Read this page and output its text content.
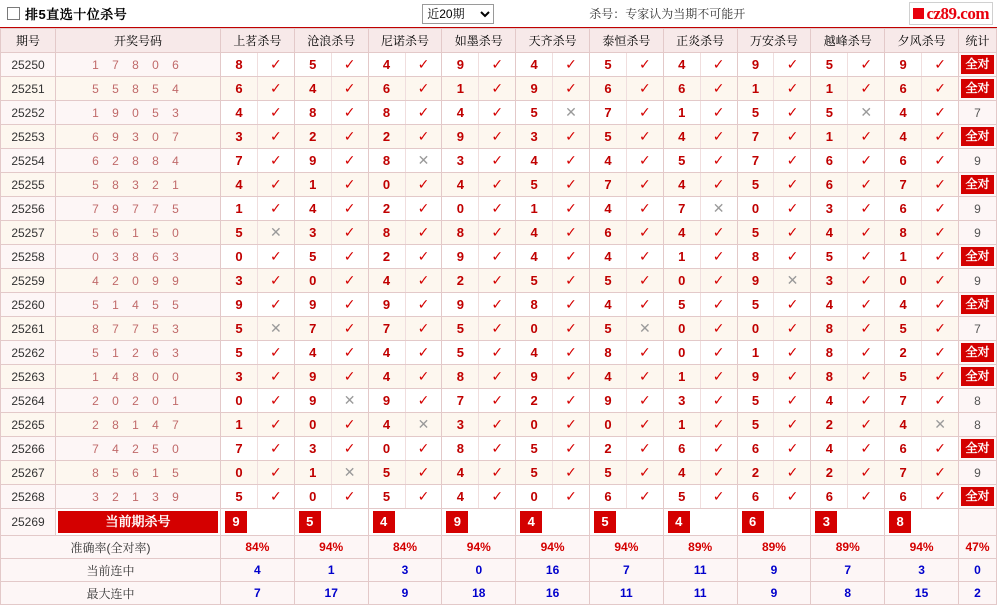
排5直选十位杀号
近20期	杀号：专家认为当期不可能开	cz89.com
期号	开奖号码	上茗杀号	沧浪杀号	尼诺杀号	如墨杀号	天齐杀号	泰恒杀号	正炎杀号	万安杀号	越峰杀号	夕风杀号	统计
25250	1 7 8 0 6	8	✓	5	✓	4	✓	9	✓	4	✓	5	✓	4	✓	9	✓	5	✓	9	✓	全对

25251	5 5 8 5 4	6	✓	4	✓	6	✓	1	✓	9	✓	6	✓	6	✓	1	✓	1	✓	6	✓	全对

25252	1 9 0 5 3	4	✓	8	✓	8	✓	4	✓	5	✕	7	✓	1	✓	5	✓	5	✕	4	✓	7
25253	6 9 3 0 7	3	✓	2	✓	2	✓	9	✓	3	✓	5	✓	4	✓	7	✓	1	✓	4	✓	全对

25254	6 2 8 8 4	7	✓	9	✓	8	✕	3	✓	4	✓	4	✓	5	✓	7	✓	6	✓	6	✓	9
25255	5 8 3 2 1	4	✓	1	✓	0	✓	4	✓	5	✓	7	✓	4	✓	5	✓	6	✓	7	✓	全对

25256	7 9 7 7 5	1	✓	4	✓	2	✓	0	✓	1	✓	4	✓	7	✕	0	✓	3	✓	6	✓	9
25257	5 6 1 5 0	5	✕	3	✓	8	✓	8	✓	4	✓	6	✓	4	✓	5	✓	4	✓	8	✓	9
25258	0 3 8 6 3	0	✓	5	✓	2	✓	9	✓	4	✓	4	✓	1	✓	8	✓	5	✓	1	✓	全对

25259	4 2 0 9 9	3	✓	0	✓	4	✓	2	✓	5	✓	5	✓	0	✓	9	✕	3	✓	0	✓	9
25260	5 1 4 5 5	9	✓	9	✓	9	✓	9	✓	8	✓	4	✓	5	✓	5	✓	4	✓	4	✓	全对

25261	8 7 7 5 3	5	✕	7	✓	7	✓	5	✓	0	✓	5	✕	0	✓	0	✓	8	✓	5	✓	7
25262	5 1 2 6 3	5	✓	4	✓	4	✓	5	✓	4	✓	8	✓	0	✓	1	✓	8	✓	2	✓	全对

25263	1 4 8 0 0	3	✓	9	✓	4	✓	8	✓	9	✓	4	✓	1	✓	9	✓	8	✓	5	✓	全对

25264	2 0 2 0 1	0	✓	9	✕	9	✓	7	✓	2	✓	9	✓	3	✓	5	✓	4	✓	7	✓	8
25265	2 8 1 4 7	1	✓	0	✓	4	✕	3	✓	0	✓	0	✓	1	✓	5	✓	2	✓	4	✕	8
25266	7 4 2 5 0	7	✓	3	✓	0	✓	8	✓	5	✓	2	✓	6	✓	6	✓	4	✓	6	✓	全对

25267	8 5 6 1 5	0	✓	1	✕	5	✓	4	✓	5	✓	5	✓	4	✓	2	✓	2	✓	7	✓	9
25268	3 2 1 3 9	5	✓	0	✓	5	✓	4	✓	0	✓	6	✓	5	✓	6	✓	6	✓	6	✓	全对

25269	当前期杀号	9	5	4	9	4	5	4	6	3	8	

准确率(全对率)		84%	94%	84%	94%	94%	94%	89%	89%	89%	94%	47%
当前连中		4	1	3	0	16	7	11	9	7	3	0
最大连中		7	17	9	18	16	11	11	9	8	15	2
